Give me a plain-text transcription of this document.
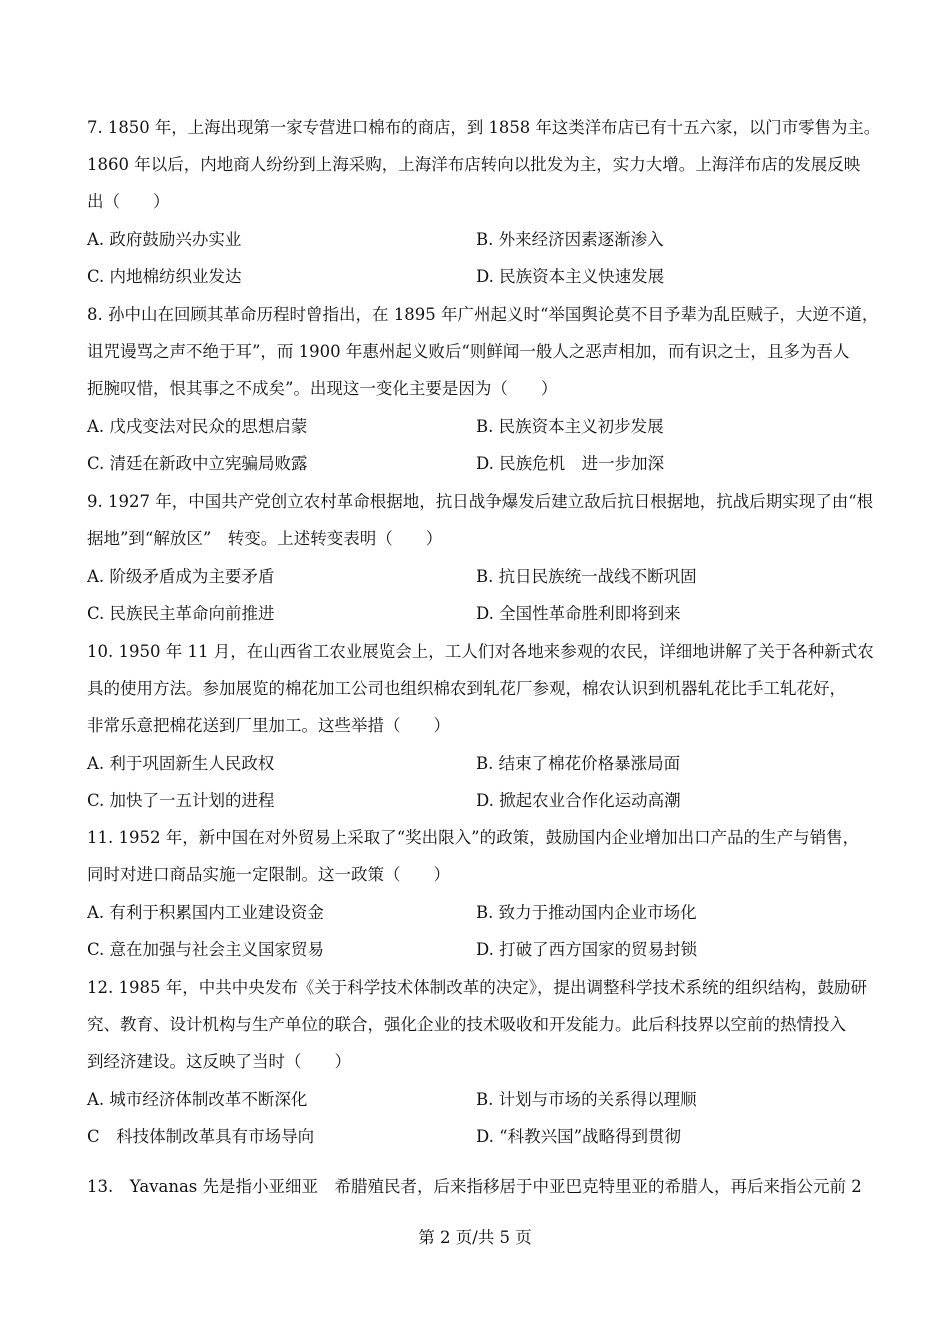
7. 1850 年，上海出现第一家专营进口棉布的商店，到 1858 年这类洋布店已有十五六家，以门市零售为主。
1860 年以后，内地商人纷纷到上海采购，上海洋布店转向以批发为主，实力大增。上海洋布店的发展反映
出（　　）
A. 政府鼓励兴办实业	B. 外来经济因素逐渐渗入
C. 内地棉纺织业发达	D. 民族资本主义快速发展
8. 孙中山在回顾其革命历程时曾指出，在 1895 年广州起义时“举国舆论莫不目予辈为乱臣贼子，大逆不道，
诅咒谩骂之声不绝于耳”，而 1900 年惠州起义败后“则鲜闻一般人之恶声相加，而有识之士，且多为吾人
扼腕叹惜，恨其事之不成矣”。出现这一变化主要是因为（　　）
A. 戊戌变法对民众的思想启蒙	B. 民族资本主义初步发展
C. 清廷在新政中立宪骗局败露	D. 民族危机　进一步加深
9. 1927 年，中国共产党创立农村革命根据地，抗日战争爆发后建立敌后抗日根据地，抗战后期实现了由“根
据地”到“解放区”　转变。上述转变表明（　　）
A. 阶级矛盾成为主要矛盾	B. 抗日民族统一战线不断巩固
C. 民族民主革命向前推进	D. 全国性革命胜利即将到来
10. 1950 年 11 月，在山西省工农业展览会上，工人们对各地来参观的农民，详细地讲解了关于各种新式农
具的使用方法。参加展览的棉花加工公司也组织棉农到轧花厂参观，棉农认识到机器轧花比手工轧花好，
非常乐意把棉花送到厂里加工。这些举措（　　）
A. 利于巩固新生人民政权	B. 结束了棉花价格暴涨局面
C. 加快了一五计划的进程	D. 掀起农业合作化运动高潮
11. 1952 年，新中国在对外贸易上采取了“奖出限入”的政策，鼓励国内企业增加出口产品的生产与销售，
同时对进口商品实施一定限制。这一政策（　　）
A. 有利于积累国内工业建设资金	B. 致力于推动国内企业市场化
C. 意在加强与社会主义国家贸易	D. 打破了西方国家的贸易封锁
12. 1985 年，中共中央发布《关于科学技术体制改革的决定》，提出调整科学技术系统的组织结构，鼓励研
究、教育、设计机构与生产单位的联合，强化企业的技术吸收和开发能力。此后科技界以空前的热情投入
到经济建设。这反映了当时（　　）
A. 城市经济体制改革不断深化	B. 计划与市场的关系得以理顺
C　科技体制改革具有市场导向	D. “科教兴国”战略得到贯彻
13.　Yavanas 先是指小亚细亚　希腊殖民者，后来指移居于中亚巴克特里亚的希腊人，再后来指公元前 2
第 2 页/共 5 页
